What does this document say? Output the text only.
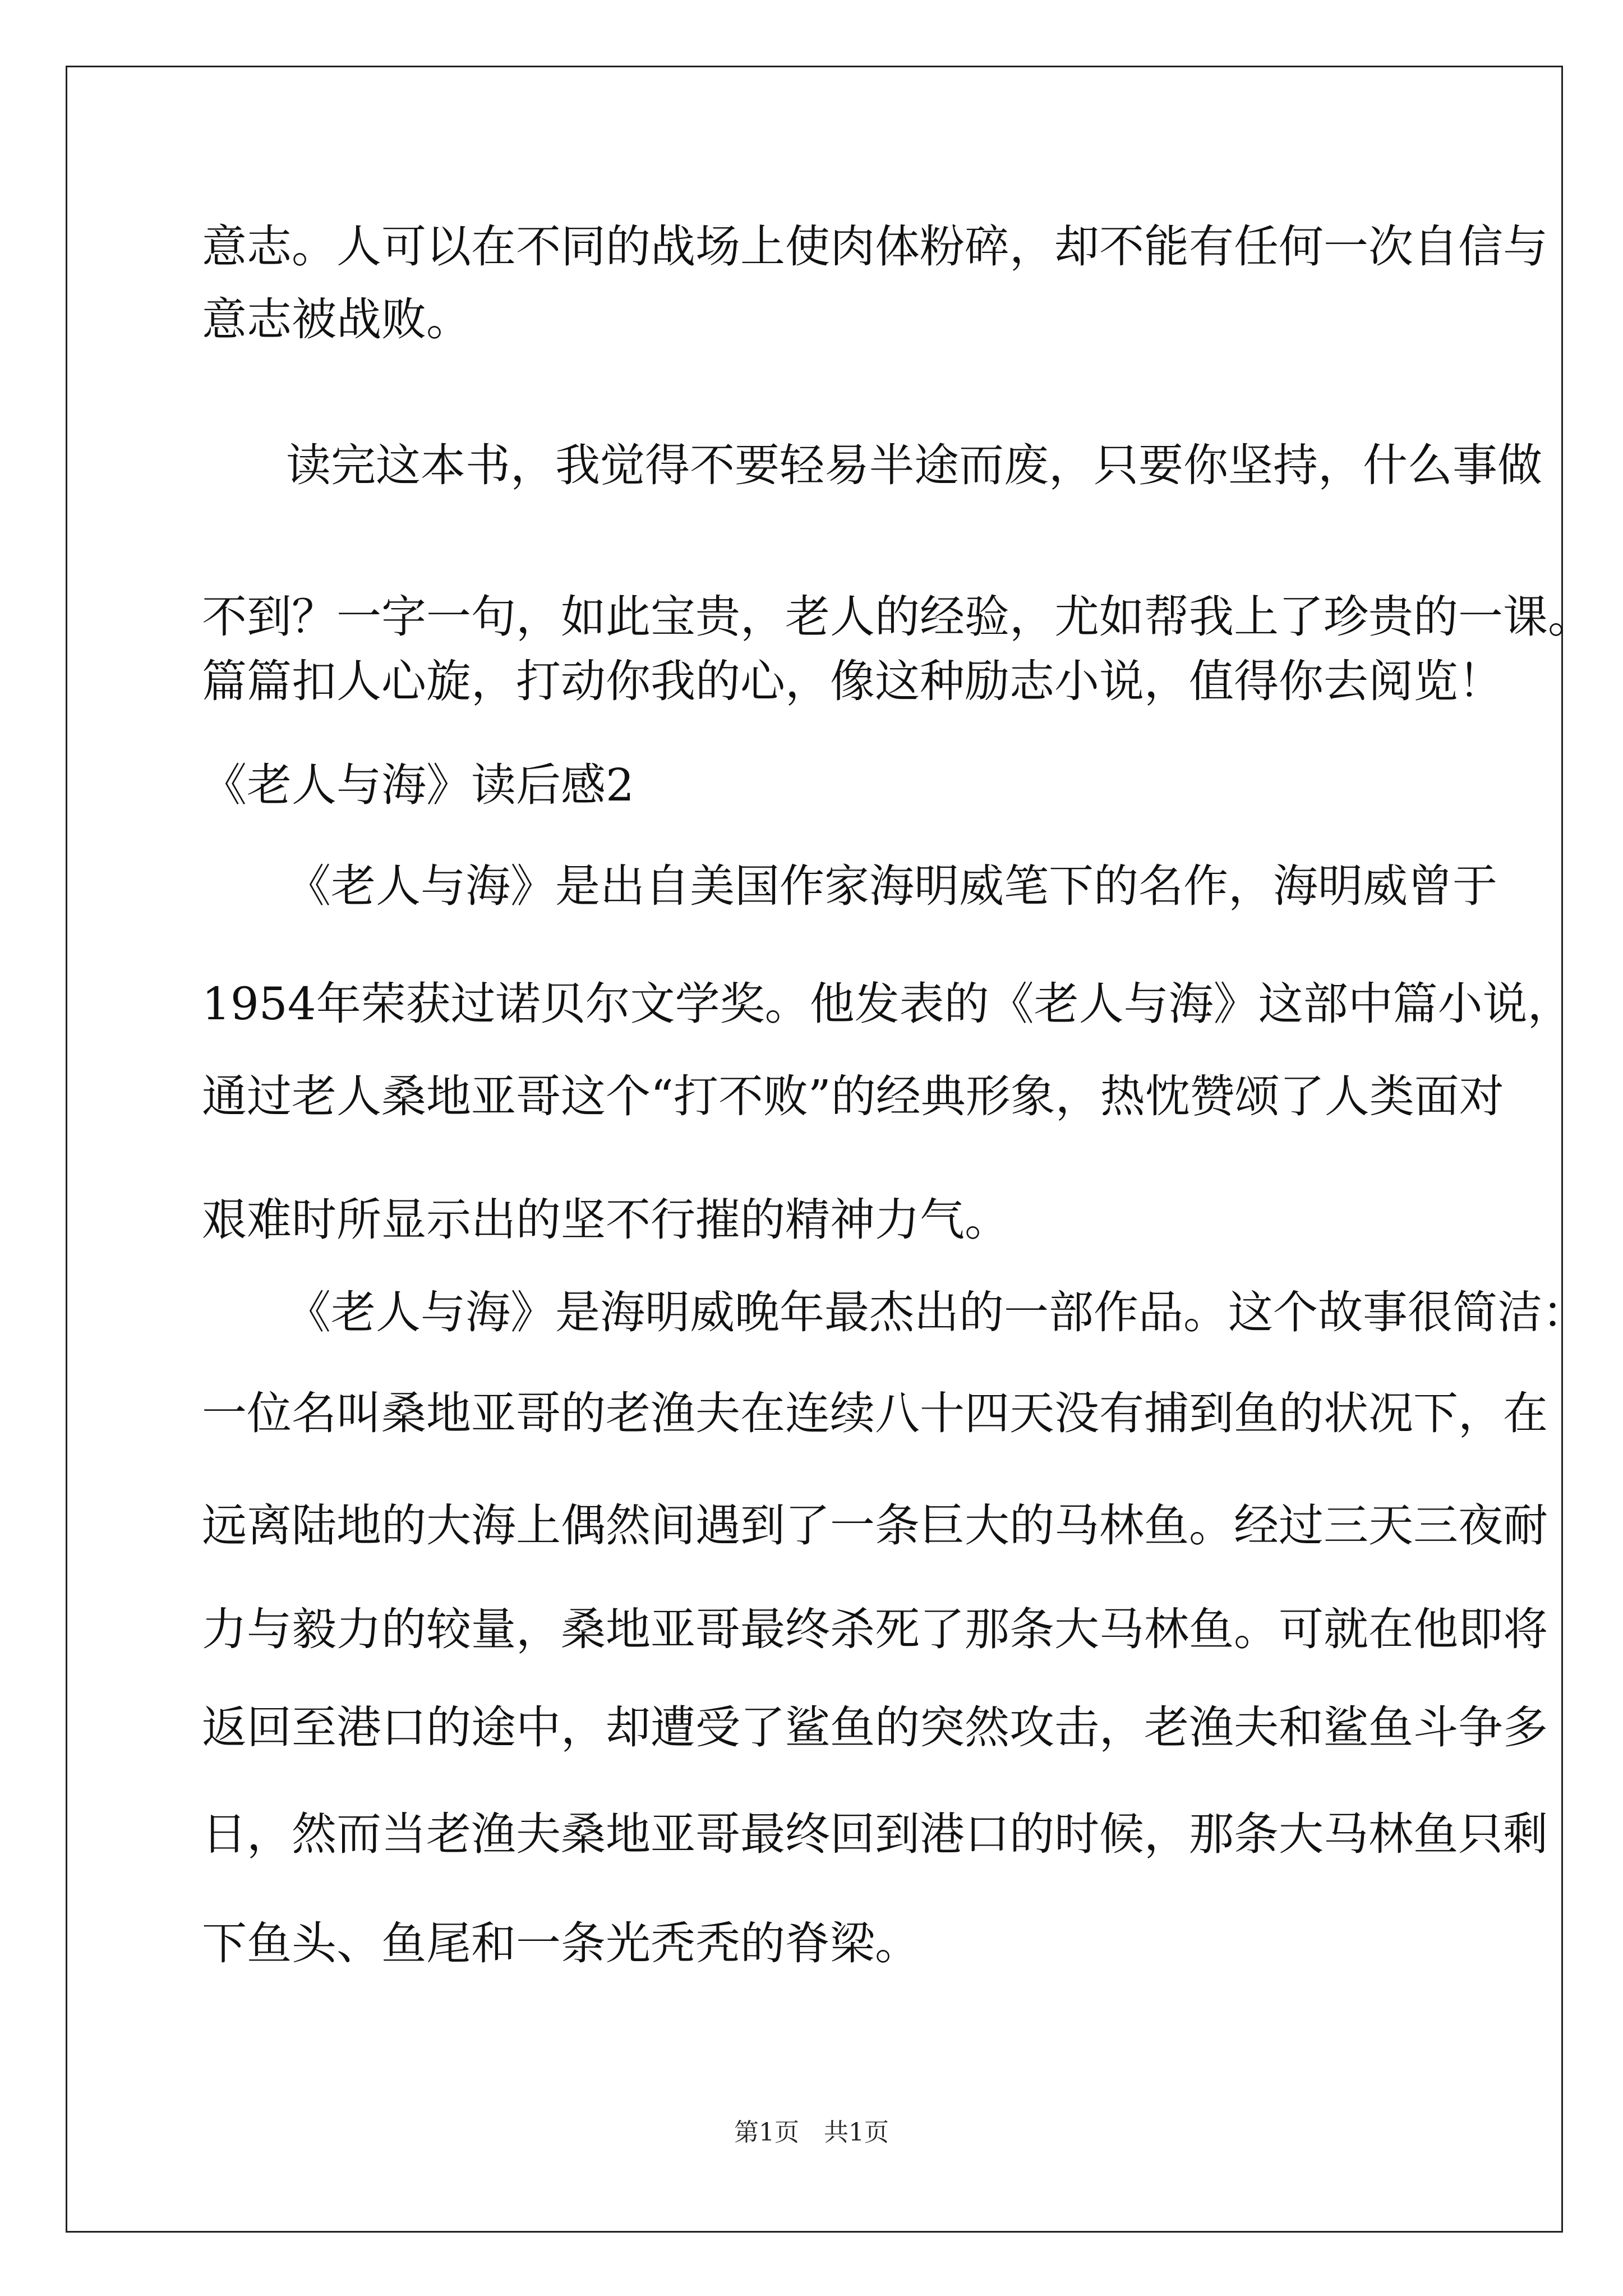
意志。人可以在不同的战场上使肉体粉碎，却不能有任何一次自信与
意志被战败。
读完这本书，我觉得不要轻易半途而废，只要你坚持，什么事做
不到？一字一句，如此宝贵，老人的经验，尤如帮我上了珍贵的一课。
篇篇扣人心旋，打动你我的心，像这种励志小说，值得你去阅览！
《老人与海》读后感2
《老人与海》是出自美国作家海明威笔下的名作，海明威曾于
1954年荣获过诺贝尔文学奖。他发表的《老人与海》这部中篇小说，
通过老人桑地亚哥这个“打不败”的经典形象，热忱赞颂了人类面对
艰难时所显示出的坚不行摧的精神力气。
《老人与海》是海明威晚年最杰出的一部作品。这个故事很简洁：
一位名叫桑地亚哥的老渔夫在连续八十四天没有捕到鱼的状况下，在
远离陆地的大海上偶然间遇到了一条巨大的马林鱼。经过三天三夜耐
力与毅力的较量，桑地亚哥最终杀死了那条大马林鱼。可就在他即将
返回至港口的途中，却遭受了鲨鱼的突然攻击，老渔夫和鲨鱼斗争多
日，然而当老渔夫桑地亚哥最终回到港口的时候，那条大马林鱼只剩
下鱼头、鱼尾和一条光秃秃的脊梁。
第1页　共1页
